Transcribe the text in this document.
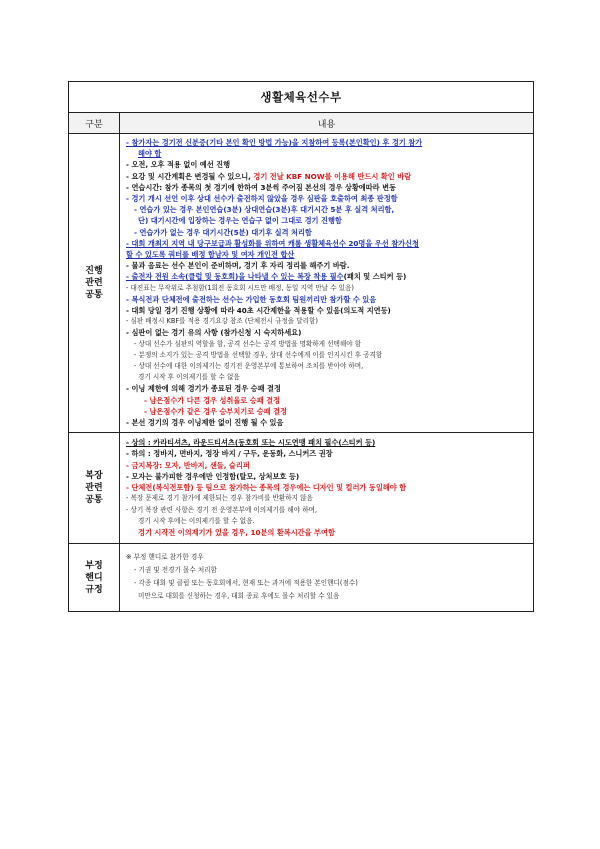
생활체육선수부
구분	내용
진행 관련 공통
- 참가자는 경기전 신분증(기타 본인 확인 방법 가능)을 지참하여 등록(본인확인) 후 경기 참가
해야 함
- 오전, 오후 적용 없이 예선 진행
- 요강 및 시간계획은 변경될 수 있으니, 경기 전날 KBF NOW를 이용해 반드시 확인 바람
- 연습시간: 참가 종목의 첫 경기에 한하여 3분씩 주어짐 본선의 경우 상황에따라 변동
- 경기 개시 선언 이후 상대 선수가 출전하지 않았을 경우 심판을 호출하여 최종 판정함
- 연습가 있는 경우 본인연습(3분) 상대연습(3분)후 대기시간 5분 후 실격 처리함,
단) 대기시간에 입장하는 경우는 연습구 없이 그대로 경기 진행함
- 연습가가 없는 경우 대기시간(5분) 대기후 실격 처리함
- 대회 개최지 지역 내 당구보급과 활성화를 위하여 캐롬 생활체육선수 20명을 우선 참가신청
할 수 있도록 쿼터를 배정 함남자 및 여자 개인전 합산
- 물과 음료는 선수 본인이 준비하며, 경기 후 자리 정리를 해주기 바람.
- 출전자 전원 소속(클럽 및 동호회)을 나타낼 수 있는 복장 착용 필수(패치 및 스티커 등)
- 대진표는 무작위로 추첨함(1회전 동호회 시드만 배정, 동일 지역 만날 수 있음)
- 복식전과 단체전에 출전하는 선수는 가입한 동호회 팀원끼리만 참가할 수 있음
- 대회 당일 경기 진행 상황에 따라 40초 시간제한을 적용할 수 있음(의도적 지연등)
- 심판 배정시 KBF를 적용 경기요강 참조 (단체전시 규정을 달리함)
- 심판이 없는 경기 유의 사항 (참가신청 시 숙지하세요)
- 상대 선수가 심판의 역할을 함, 공격 선수는 공격 방법을 명확하게 선택해야 함
- 분쟁의 소지가 있는 공격 방법을 선택할 경우, 상대 선수에게 이를 인지시킨 후 공격함
- 상대 선수에 대한 이의제기는 경기전 운영본부에 통보하여 조치를 받아야 하며,
경기 시작 후 이의제기를 할 수 없음
- 이닝 제한에 의해 경기가 종료된 경우 승패 결정
- 남은점수가 다른 경우 성취율로 승패 결정
- 남은점수가 같은 경우 승부치기로 승패 결정
- 본선 경기의 경우 이닝제한 없이 진행 될 수 있음
복장 관련 공통
- 상의 : 카라티셔츠, 라운드티셔츠(동호회 또는 시도연맹 패치 필수(스티커 등)
- 하의 : 정바지, 면바지, 정장 바지 / 구두, 운동화, 스니커즈 권장
- 금지복장: 모자, 반바지, 샌들, 슬리퍼
- 모자는 불가피한 경우에만 인정함(탈모, 상처보호 등)
- 단체전(복식전포함) 등 팀으로 참가하는 종목의 경우에는 디자인 및 컬러가 동일해야 함
- 복장 문제로 경기 참가에 제한되는 경우 참가비를 반환하지 않음
- 상기 복장 관련 사항은 경기 전 운영본부에 이의제기를 해야 하며,
경기 시작 후에는 이의제기를 할 수 없음.
경기 시작전 이의제기가 있을 경우, 10분의 환복시간을 부여함
부정 핸디 규정
※ 부정 핸디로 참가한 경우
- 기권 및 전경기 몰수 처리함
- 각종 대회 및 클럽 또는 동호회에서, 현재 또는 과거에 적용한 본인핸디(점수)
미만으로 대회를 신청하는 경우, 대회 종료 후에도 몰수 처리할 수 있음
